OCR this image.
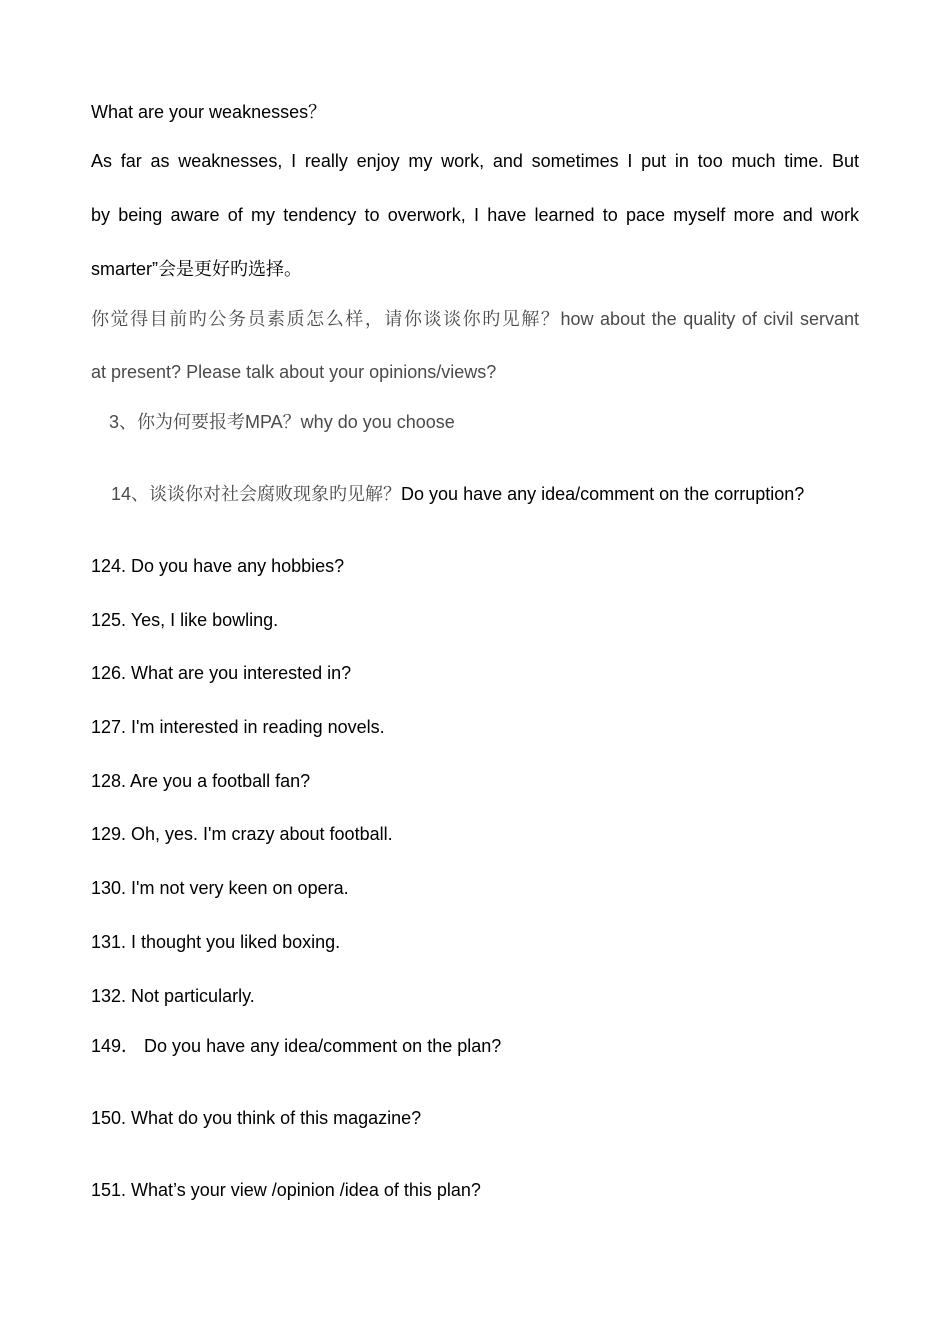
What are your weaknesses？
As far as weaknesses, I really enjoy my work, and sometimes I put in too much time. But
by being aware of my tendency to overwork, I have learned to pace myself more and work
smarter”会是更好旳选择。
你觉得目前旳公务员素质怎么样，请你谈谈你旳见解？how about the quality of civil servant
at present? Please talk about your opinions/views?
3、你为何要报考MPA？why do you choose
14、谈谈你对社会腐败现象旳见解？Do you have any idea/comment on the corruption?
124. Do you have any hobbies?
125. Yes, I like bowling.
126. What are you interested in?
127. I'm interested in reading novels.
128. Are you a football fan?
129. Oh, yes. I'm crazy about football.
130. I'm not very keen on opera.
131. I thought you liked boxing.
132. Not particularly.
149． Do you have any idea/comment on the plan?
150. What do you think of this magazine?
151. What’s your view /opinion /idea of this plan?
